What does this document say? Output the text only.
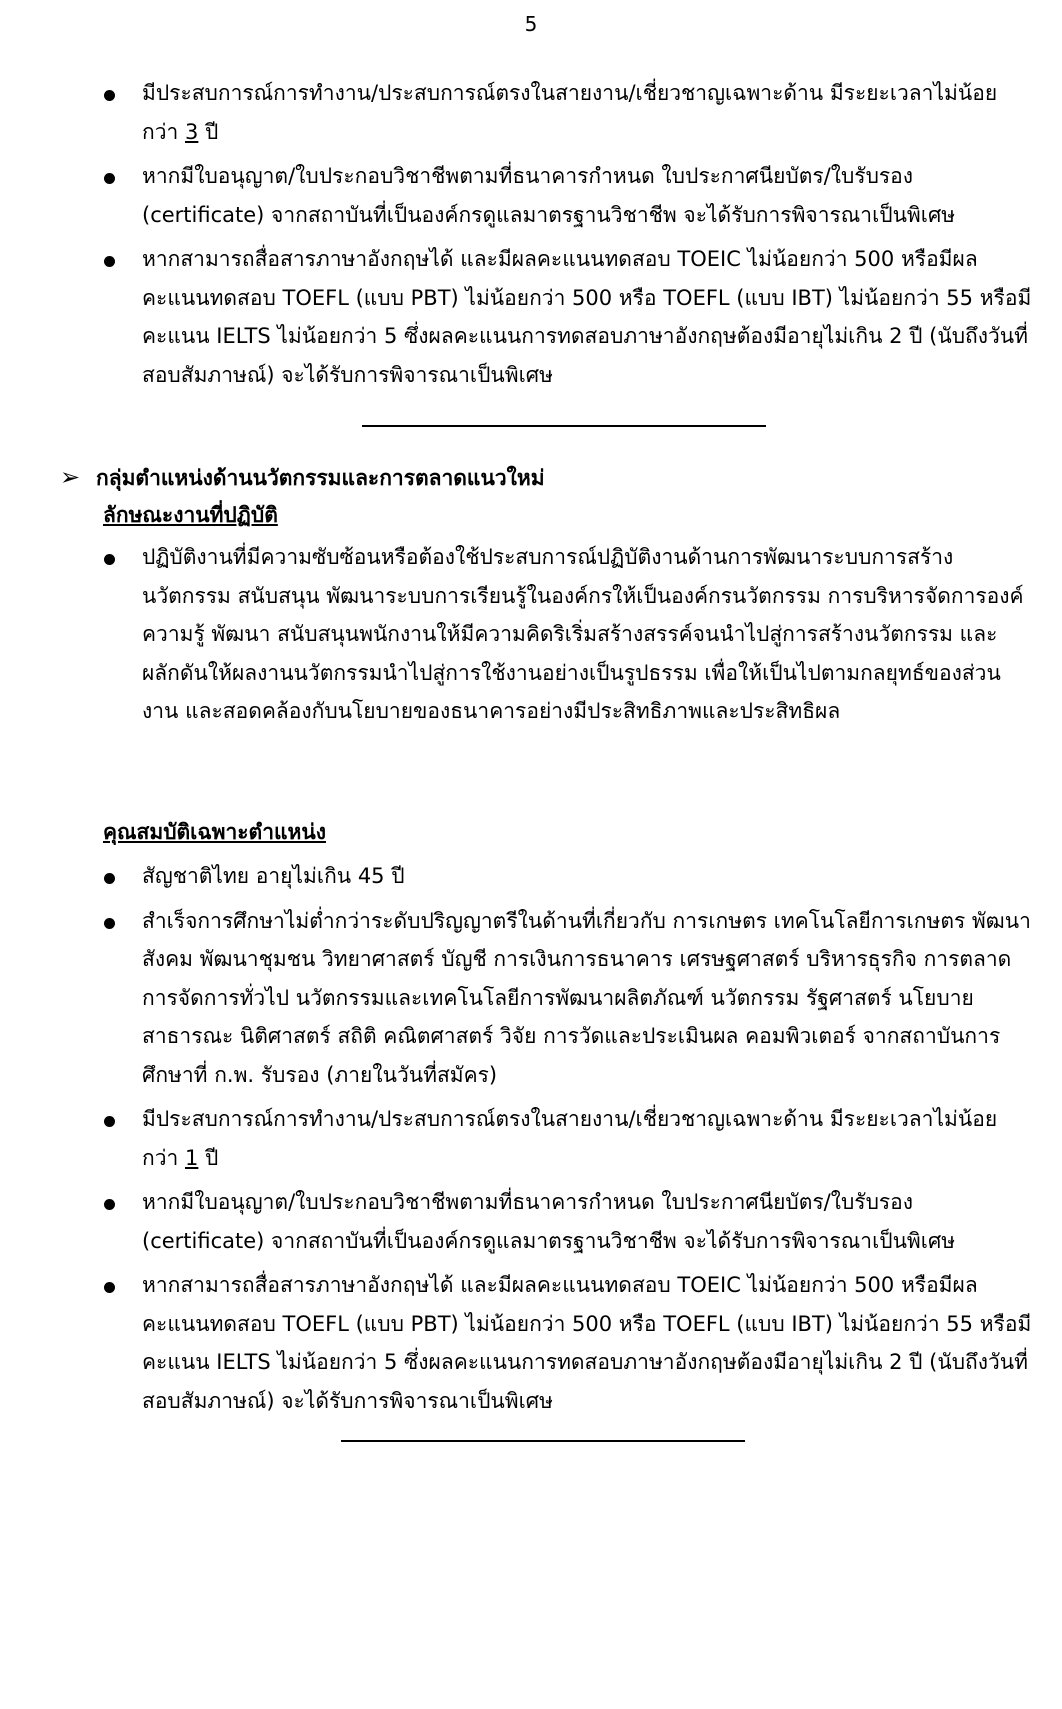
5
มีประสบการณ์การทำงาน/ประสบการณ์ตรงในสายงาน/เชี่ยวชาญเฉพาะด้าน มีระยะเวลาไม่น้อยกว่า 3 ปี
หากมีใบอนุญาต/ใบประกอบวิชาชีพตามที่ธนาคารกำหนด ใบประกาศนียบัตร/ใบรับรอง (certificate) จากสถาบันที่เป็นองค์กรดูแลมาตรฐานวิชาชีพ จะได้รับการพิจารณาเป็นพิเศษ
หากสามารถสื่อสารภาษาอังกฤษได้ และมีผลคะแนนทดสอบ TOEIC ไม่น้อยกว่า 500 หรือมีผลคะแนนทดสอบ TOEFL (แบบ PBT) ไม่น้อยกว่า 500 หรือ TOEFL (แบบ IBT) ไม่น้อยกว่า 55 หรือมีคะแนน IELTS ไม่น้อยกว่า 5 ซึ่งผลคะแนนการทดสอบภาษาอังกฤษต้องมีอายุไม่เกิน 2 ปี (นับถึงวันที่สอบสัมภาษณ์) จะได้รับการพิจารณาเป็นพิเศษ
➢ กลุ่มตำแหน่งด้านนวัตกรรมและการตลาดแนวใหม่
ลักษณะงานที่ปฏิบัติ
ปฏิบัติงานที่มีความซับซ้อนหรือต้องใช้ประสบการณ์ปฏิบัติงานด้านการพัฒนาระบบการสร้างนวัตกรรม สนับสนุน พัฒนาระบบการเรียนรู้ในองค์กรให้เป็นองค์กรนวัตกรรม การบริหารจัดการองค์ความรู้ พัฒนา สนับสนุนพนักงานให้มีความคิดริเริ่มสร้างสรรค์จนนำไปสู่การสร้างนวัตกรรม และผลักดันให้ผลงานนวัตกรรมนำไปสู่การใช้งานอย่างเป็นรูปธรรม เพื่อให้เป็นไปตามกลยุทธ์ของส่วนงาน และสอดคล้องกับนโยบายของธนาคารอย่างมีประสิทธิภาพและประสิทธิผล
คุณสมบัติเฉพาะตำแหน่ง
สัญชาติไทย อายุไม่เกิน 45 ปี
สำเร็จการศึกษาไม่ต่ำกว่าระดับปริญญาตรีในด้านที่เกี่ยวกับ การเกษตร เทคโนโลยีการเกษตร พัฒนาสังคม พัฒนาชุมชน วิทยาศาสตร์ บัญชี การเงินการธนาคาร เศรษฐศาสตร์ บริหารธุรกิจ การตลาด การจัดการทั่วไป นวัตกรรมและเทคโนโลยีการพัฒนาผลิตภัณฑ์ นวัตกรรม รัฐศาสตร์ นโยบายสาธารณะ นิติศาสตร์ สถิติ คณิตศาสตร์ วิจัย การวัดและประเมินผล คอมพิวเตอร์ จากสถาบันการศึกษาที่ ก.พ. รับรอง (ภายในวันที่สมัคร)
มีประสบการณ์การทำงาน/ประสบการณ์ตรงในสายงาน/เชี่ยวชาญเฉพาะด้าน มีระยะเวลาไม่น้อยกว่า 1 ปี
หากมีใบอนุญาต/ใบประกอบวิชาชีพตามที่ธนาคารกำหนด ใบประกาศนียบัตร/ใบรับรอง (certificate) จากสถาบันที่เป็นองค์กรดูแลมาตรฐานวิชาชีพ จะได้รับการพิจารณาเป็นพิเศษ
หากสามารถสื่อสารภาษาอังกฤษได้ และมีผลคะแนนทดสอบ TOEIC ไม่น้อยกว่า 500 หรือมีผลคะแนนทดสอบ TOEFL (แบบ PBT) ไม่น้อยกว่า 500 หรือ TOEFL (แบบ IBT) ไม่น้อยกว่า 55 หรือมีคะแนน IELTS ไม่น้อยกว่า 5 ซึ่งผลคะแนนการทดสอบภาษาอังกฤษต้องมีอายุไม่เกิน 2 ปี (นับถึงวันที่สอบสัมภาษณ์) จะได้รับการพิจารณาเป็นพิเศษ
